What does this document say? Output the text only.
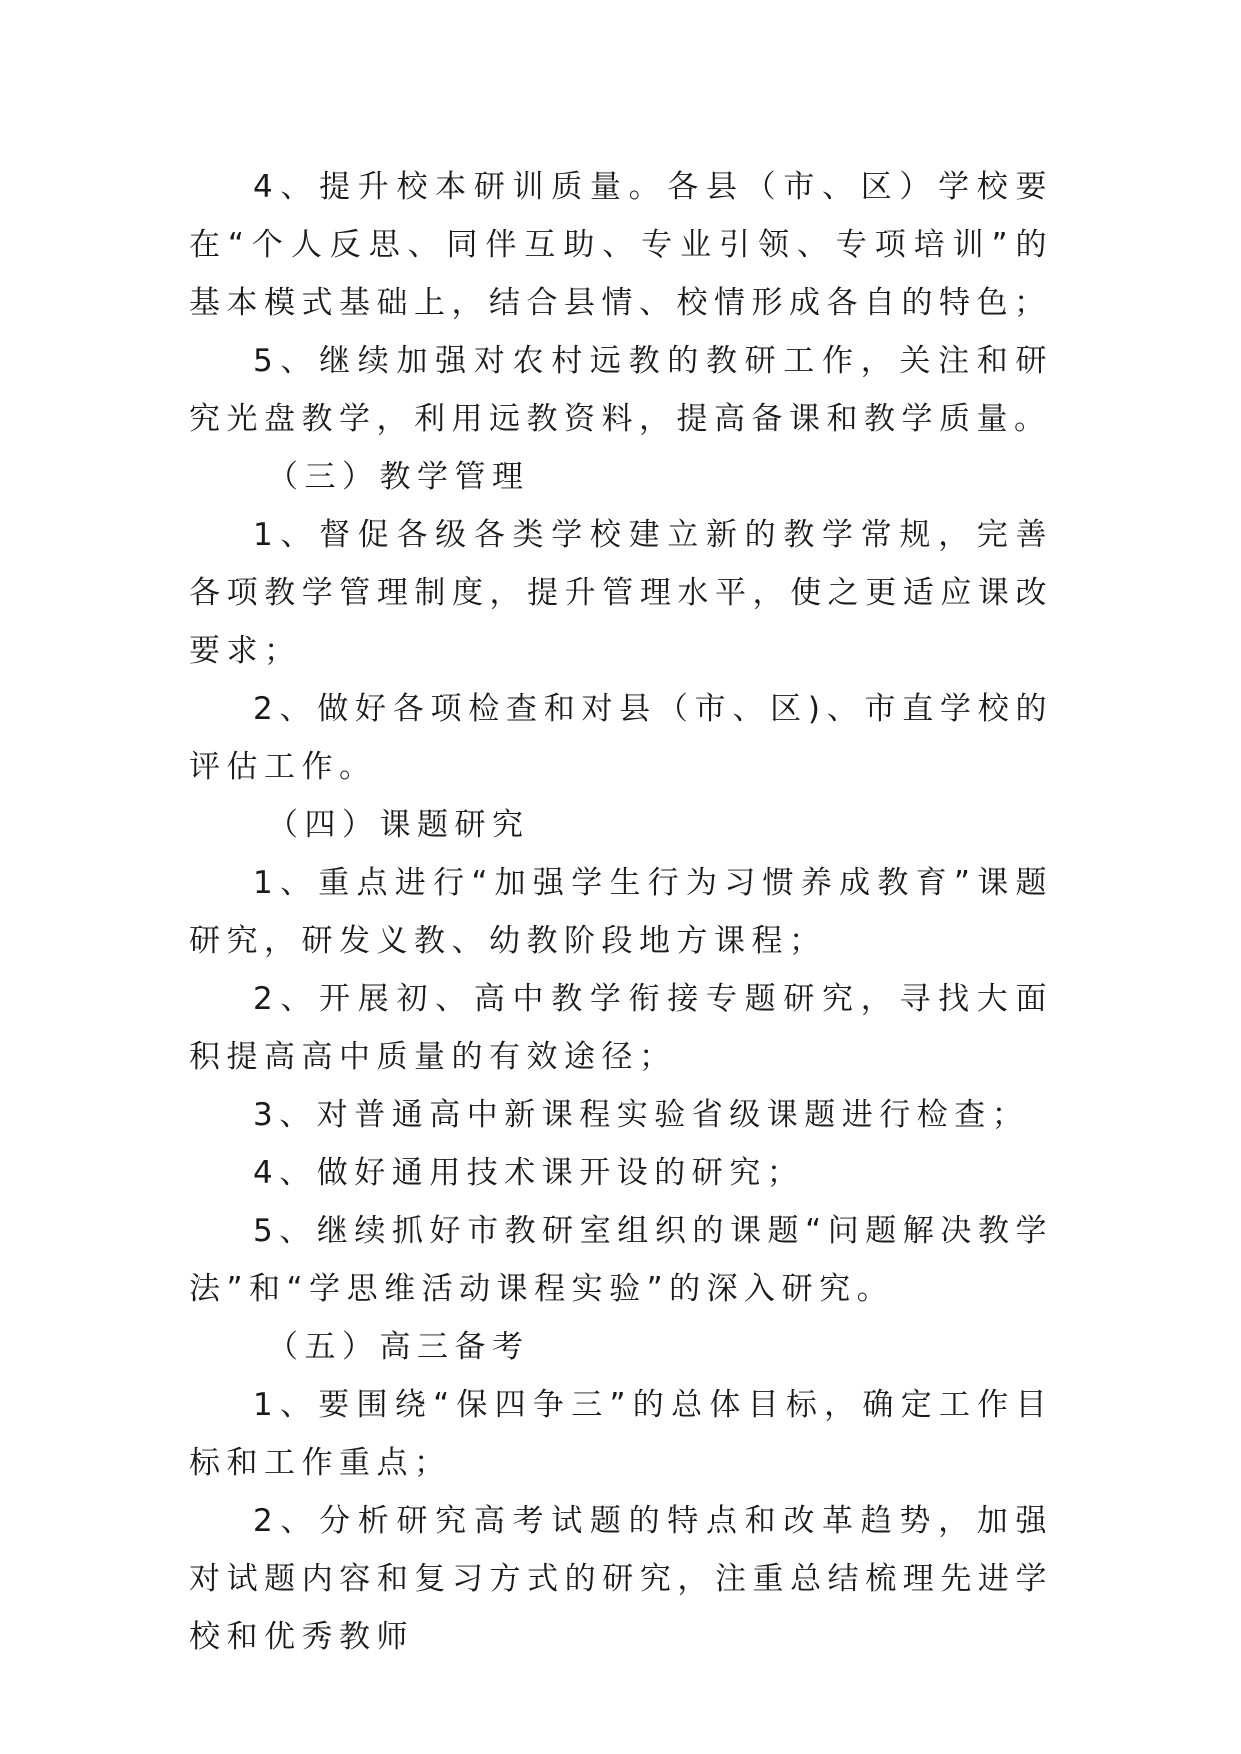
4、提升校本研训质量。各县（市、区）学校要在“个人反思、同伴互助、专业引领、专项培训”的基本模式基础上，结合县情、校情形成各自的特色；

5、继续加强对农村远教的教研工作，关注和研究光盘教学，利用远教资料，提高备课和教学质量。

（三）教学管理

1、督促各级各类学校建立新的教学常规，完善各项教学管理制度，提升管理水平，使之更适应课改要求；

2、做好各项检查和对县（市、区)、市直学校的评估工作。

（四）课题研究

1、重点进行“加强学生行为习惯养成教育”课题研究，研发义教、幼教阶段地方课程；

2、开展初、高中教学衔接专题研究，寻找大面积提高高中质量的有效途径；

3、对普通高中新课程实验省级课题进行检查；

4、做好通用技术课开设的研究；

5、继续抓好市教研室组织的课题“问题解决教学法”和“学思维活动课程实验”的深入研究。

（五）高三备考

1、要围绕“保四争三”的总体目标，确定工作目标和工作重点；

2、分析研究高考试题的特点和改革趋势，加强对试题内容和复习方式的研究，注重总结梳理先进学校和优秀教师
